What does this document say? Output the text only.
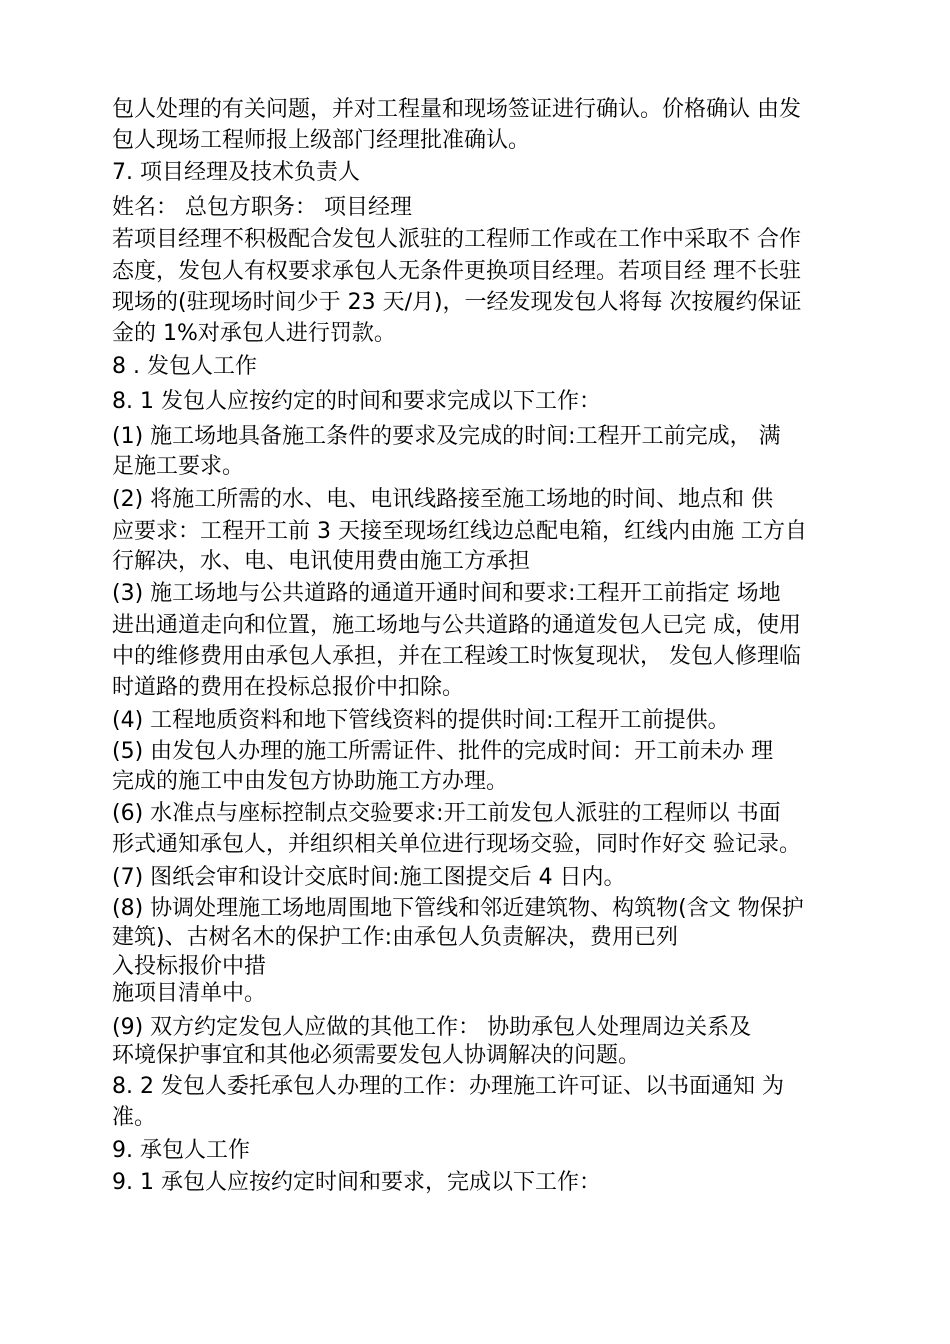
包人处理的有关问题，并对工程量和现场签证进行确认。价格确认 由发
包人现场工程师报上级部门经理批准确认。
7. 项目经理及技术负责人
姓名： 总包方职务： 项目经理
若项目经理不积极配合发包人派驻的工程师工作或在工作中采取不 合作
态度，发包人有权要求承包人无条件更换项目经理。若项目经 理不长驻
现场的(驻现场时间少于 23 天/月)，一经发现发包人将每 次按履约保证
金的 1%对承包人进行罚款。
8 . 发包人工作
8. 1 发包人应按约定的时间和要求完成以下工作：
(1) 施工场地具备施工条件的要求及完成的时间:工程开工前完成， 满
足施工要求。
(2) 将施工所需的水、电、电讯线路接至施工场地的时间、地点和 供
应要求：工程开工前 3 天接至现场红线边总配电箱，红线内由施 工方自
行解决，水、电、电讯使用费由施工方承担
(3) 施工场地与公共道路的通道开通时间和要求:工程开工前指定 场地
进出通道走向和位置，施工场地与公共道路的通道发包人已完 成，使用
中的维修费用由承包人承担，并在工程竣工时恢复现状， 发包人修理临
时道路的费用在投标总报价中扣除。
(4) 工程地质资料和地下管线资料的提供时间:工程开工前提供。
(5) 由发包人办理的施工所需证件、批件的完成时间：开工前未办 理
完成的施工中由发包方协助施工方办理。
(6) 水准点与座标控制点交验要求:开工前发包人派驻的工程师以 书面
形式通知承包人，并组织相关单位进行现场交验，同时作好交 验记录。
(7) 图纸会审和设计交底时间:施工图提交后 4 日内。
(8) 协调处理施工场地周围地下管线和邻近建筑物、构筑物(含文 物保护
建筑)、古树名木的保护工作:由承包人负责解决，费用已列
入投标报价中措
施项目清单中。
(9) 双方约定发包人应做的其他工作： 协助承包人处理周边关系及
环境保护事宜和其他必须需要发包人协调解决的问题。
8. 2 发包人委托承包人办理的工作：办理施工许可证、以书面通知 为
准。
9. 承包人工作
9. 1 承包人应按约定时间和要求，完成以下工作：
